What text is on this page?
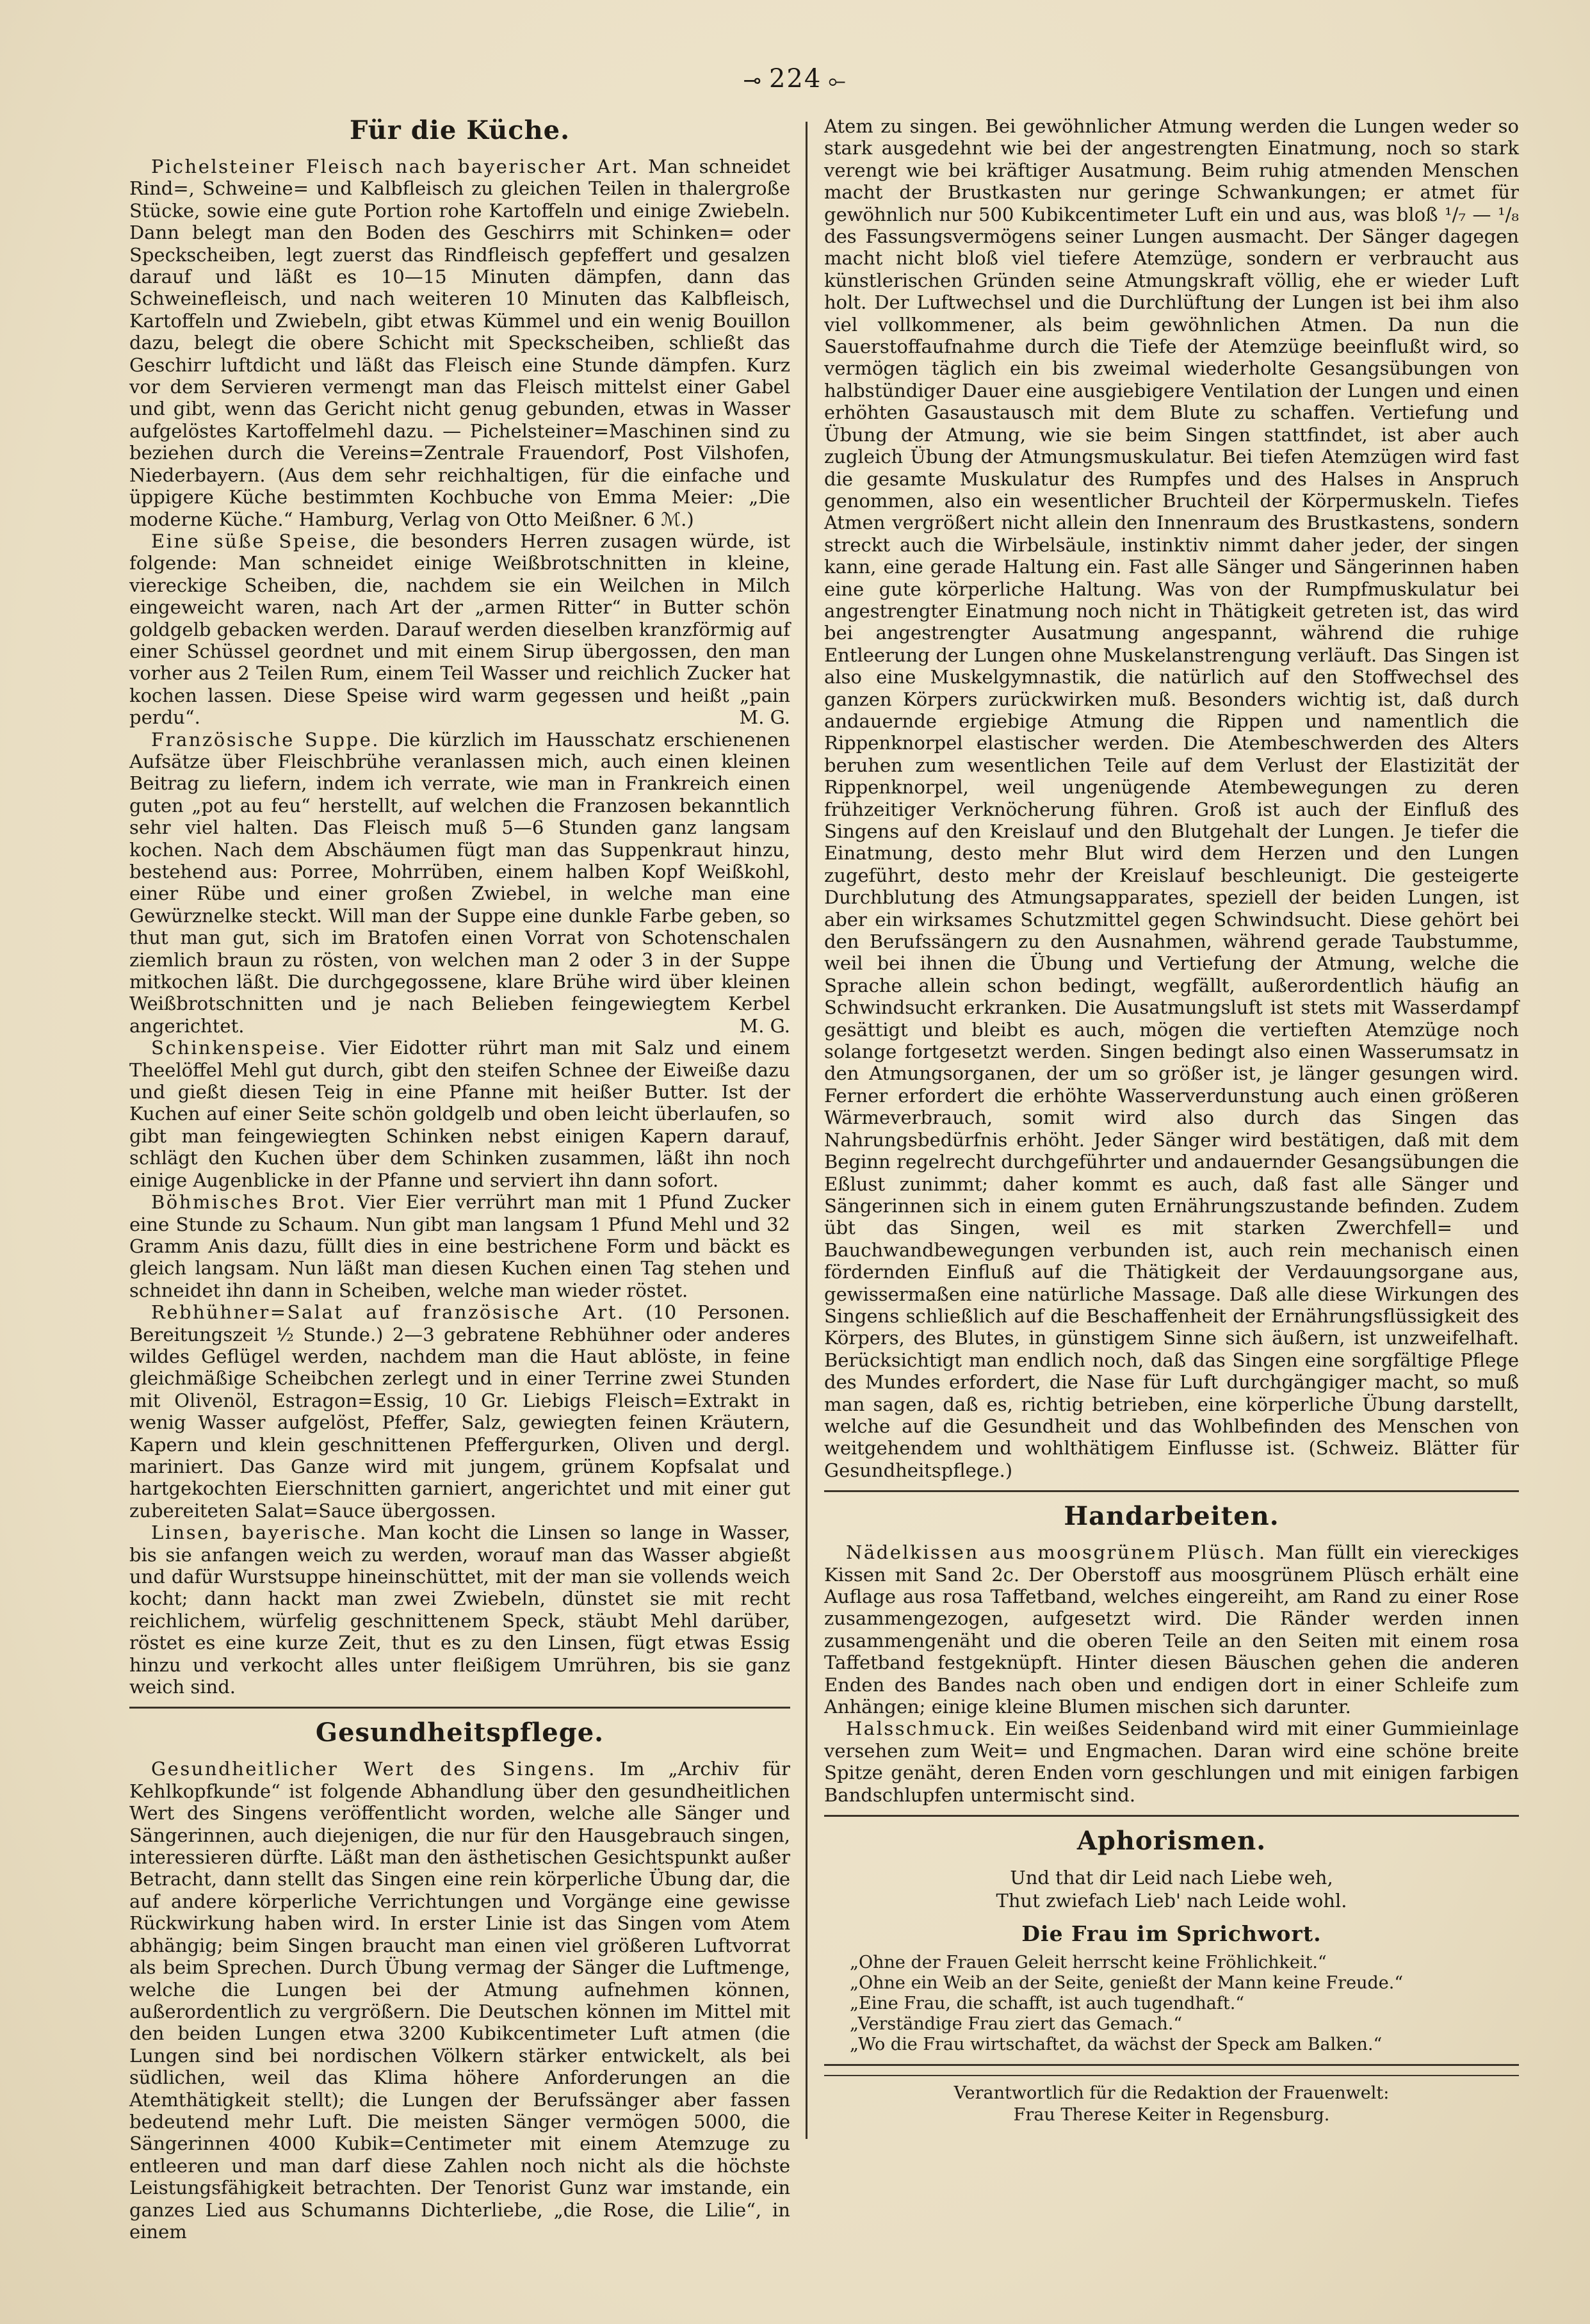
⊸ 224 ⟜
Für die Küche.

Pichelsteiner Fleisch nach bayerischer Art. Man schneidet Rind=, Schweine= und Kalbfleisch zu gleichen Teilen in thalergroße Stücke, sowie eine gute Portion rohe Kartoffeln und einige Zwiebeln. Dann belegt man den Boden des Geschirrs mit Schinken= oder Speckscheiben, legt zuerst das Rindfleisch gepfeffert und gesalzen darauf und läßt es 10—15 Minuten dämpfen, dann das Schweinefleisch, und nach weiteren 10 Minuten das Kalbfleisch, Kartoffeln und Zwiebeln, gibt etwas Kümmel und ein wenig Bouillon dazu, belegt die obere Schicht mit Speckscheiben, schließt das Geschirr luftdicht und läßt das Fleisch eine Stunde dämpfen. Kurz vor dem Servieren vermengt man das Fleisch mittelst einer Gabel und gibt, wenn das Gericht nicht genug gebunden, etwas in Wasser aufgelöstes Kartoffelmehl dazu. — Pichelsteiner=Maschinen sind zu beziehen durch die Vereins=Zentrale Frauendorf, Post Vilshofen, Niederbayern. (Aus dem sehr reichhaltigen, für die einfache und üppigere Küche bestimmten Kochbuche von Emma Meier: „Die moderne Küche.“ Hamburg, Verlag von Otto Meißner. 6 ℳ.)

Eine süße Speise, die besonders Herren zusagen würde, ist folgende: Man schneidet einige Weißbrotschnitten in kleine, viereckige Scheiben, die, nachdem sie ein Weilchen in Milch eingeweicht waren, nach Art der „armen Ritter“ in Butter schön goldgelb gebacken werden. Darauf werden dieselben kranzförmig auf einer Schüssel geordnet und mit einem Sirup übergossen, den man vorher aus 2 Teilen Rum, einem Teil Wasser und reichlich Zucker hat kochen lassen. Diese Speise wird warm gegessen und heißt „pain perdu“.	M. G.

Französische Suppe. Die kürzlich im Hausschatz erschienenen Aufsätze über Fleischbrühe veranlassen mich, auch einen kleinen Beitrag zu liefern, indem ich verrate, wie man in Frankreich einen guten „pot au feu“ herstellt, auf welchen die Franzosen bekanntlich sehr viel halten. Das Fleisch muß 5—6 Stunden ganz langsam kochen. Nach dem Abschäumen fügt man das Suppenkraut hinzu, bestehend aus: Porree, Mohrrüben, einem halben Kopf Weißkohl, einer Rübe und einer großen Zwiebel, in welche man eine Gewürznelke steckt. Will man der Suppe eine dunkle Farbe geben, so thut man gut, sich im Bratofen einen Vorrat von Schotenschalen ziemlich braun zu rösten, von welchen man 2 oder 3 in der Suppe mitkochen läßt. Die durchgegossene, klare Brühe wird über kleinen Weißbrotschnitten und je nach Belieben feingewiegtem Kerbel angerichtet.	M. G.

Schinkenspeise. Vier Eidotter rührt man mit Salz und einem Theelöffel Mehl gut durch, gibt den steifen Schnee der Eiweiße dazu und gießt diesen Teig in eine Pfanne mit heißer Butter. Ist der Kuchen auf einer Seite schön goldgelb und oben leicht überlaufen, so gibt man feingewiegten Schinken nebst einigen Kapern darauf, schlägt den Kuchen über dem Schinken zusammen, läßt ihn noch einige Augenblicke in der Pfanne und serviert ihn dann sofort.

Böhmisches Brot. Vier Eier verrührt man mit 1 Pfund Zucker eine Stunde zu Schaum. Nun gibt man langsam 1 Pfund Mehl und 32 Gramm Anis dazu, füllt dies in eine bestrichene Form und bäckt es gleich langsam. Nun läßt man diesen Kuchen einen Tag stehen und schneidet ihn dann in Scheiben, welche man wieder röstet.

Rebhühner=Salat auf französische Art. (10 Personen. Bereitungszeit ½ Stunde.) 2—3 gebratene Rebhühner oder anderes wildes Geflügel werden, nachdem man die Haut ablöste, in feine gleichmäßige Scheibchen zerlegt und in einer Terrine zwei Stunden mit Olivenöl, Estragon=Essig, 10 Gr. Liebigs Fleisch=Extrakt in wenig Wasser aufgelöst, Pfeffer, Salz, gewiegten feinen Kräutern, Kapern und klein geschnittenen Pfeffergurken, Oliven und dergl. mariniert. Das Ganze wird mit jungem, grünem Kopfsalat und hartgekochten Eierschnitten garniert, angerichtet und mit einer gut zubereiteten Salat=Sauce übergossen.

Linsen, bayerische. Man kocht die Linsen so lange in Wasser, bis sie anfangen weich zu werden, worauf man das Wasser abgießt und dafür Wurstsuppe hineinschüttet, mit der man sie vollends weich kocht; dann hackt man zwei Zwiebeln, dünstet sie mit recht reichlichem, würfelig geschnittenem Speck, stäubt Mehl darüber, röstet es eine kurze Zeit, thut es zu den Linsen, fügt etwas Essig hinzu und verkocht alles unter fleißigem Umrühren, bis sie ganz weich sind.

Gesundheitspflege.

Gesundheitlicher Wert des Singens. Im „Archiv für Kehlkopfkunde“ ist folgende Abhandlung über den gesundheitlichen Wert des Singens veröffentlicht worden, welche alle Sänger und Sängerinnen, auch diejenigen, die nur für den Hausgebrauch singen, interessieren dürfte. Läßt man den ästhetischen Gesichtspunkt außer Betracht, dann stellt das Singen eine rein körperliche Übung dar, die auf andere körperliche Verrichtungen und Vorgänge eine gewisse Rückwirkung haben wird. In erster Linie ist das Singen vom Atem abhängig; beim Singen braucht man einen viel größeren Luftvorrat als beim Sprechen. Durch Übung vermag der Sänger die Luftmenge, welche die Lungen bei der Atmung aufnehmen können, außerordentlich zu vergrößern. Die Deutschen können im Mittel mit den beiden Lungen etwa 3200 Kubikcentimeter Luft atmen (die Lungen sind bei nordischen Völkern stärker entwickelt, als bei südlichen, weil das Klima höhere Anforderungen an die Atemthätigkeit stellt); die Lungen der Berufssänger aber fassen bedeutend mehr Luft. Die meisten Sänger vermögen 5000, die Sängerinnen 4000 Kubik=Centimeter mit einem Atemzuge zu entleeren und man darf diese Zahlen noch nicht als die höchste Leistungsfähigkeit betrachten. Der Tenorist Gunz war imstande, ein ganzes Lied aus Schumanns Dichterliebe, „die Rose, die Lilie“, in einem

Atem zu singen. Bei gewöhnlicher Atmung werden die Lungen weder so stark ausgedehnt wie bei der angestrengten Einatmung, noch so stark verengt wie bei kräftiger Ausatmung. Beim ruhig atmenden Menschen macht der Brustkasten nur geringe Schwankungen; er atmet für gewöhnlich nur 500 Kubikcentimeter Luft ein und aus, was bloß ¹/₇ — ¹/₈ des Fassungsvermögens seiner Lungen ausmacht. Der Sänger dagegen macht nicht bloß viel tiefere Atemzüge, sondern er verbraucht aus künstlerischen Gründen seine Atmungskraft völlig, ehe er wieder Luft holt. Der Luftwechsel und die Durchlüftung der Lungen ist bei ihm also viel vollkommener, als beim gewöhnlichen Atmen. Da nun die Sauerstoffaufnahme durch die Tiefe der Atemzüge beeinflußt wird, so vermögen täglich ein bis zweimal wiederholte Gesangsübungen von halbstündiger Dauer eine ausgiebigere Ventilation der Lungen und einen erhöhten Gasaustausch mit dem Blute zu schaffen. Vertiefung und Übung der Atmung, wie sie beim Singen stattfindet, ist aber auch zugleich Übung der Atmungsmuskulatur. Bei tiefen Atemzügen wird fast die gesamte Muskulatur des Rumpfes und des Halses in Anspruch genommen, also ein wesentlicher Bruchteil der Körpermuskeln. Tiefes Atmen vergrößert nicht allein den Innenraum des Brustkastens, sondern streckt auch die Wirbelsäule, instinktiv nimmt daher jeder, der singen kann, eine gerade Haltung ein. Fast alle Sänger und Sängerinnen haben eine gute körperliche Haltung. Was von der Rumpfmuskulatur bei angestrengter Einatmung noch nicht in Thätigkeit getreten ist, das wird bei angestrengter Ausatmung angespannt, während die ruhige Entleerung der Lungen ohne Muskelanstrengung verläuft. Das Singen ist also eine Muskelgymnastik, die natürlich auf den Stoffwechsel des ganzen Körpers zurückwirken muß. Besonders wichtig ist, daß durch andauernde ergiebige Atmung die Rippen und namentlich die Rippenknorpel elastischer werden. Die Atembeschwerden des Alters beruhen zum wesentlichen Teile auf dem Verlust der Elastizität der Rippenknorpel, weil ungenügende Atembewegungen zu deren frühzeitiger Verknöcherung führen. Groß ist auch der Einfluß des Singens auf den Kreislauf und den Blutgehalt der Lungen. Je tiefer die Einatmung, desto mehr Blut wird dem Herzen und den Lungen zugeführt, desto mehr der Kreislauf beschleunigt. Die gesteigerte Durchblutung des Atmungsapparates, speziell der beiden Lungen, ist aber ein wirksames Schutzmittel gegen Schwindsucht. Diese gehört bei den Berufssängern zu den Ausnahmen, während gerade Taubstumme, weil bei ihnen die Übung und Vertiefung der Atmung, welche die Sprache allein schon bedingt, wegfällt, außerordentlich häufig an Schwindsucht erkranken. Die Ausatmungsluft ist stets mit Wasserdampf gesättigt und bleibt es auch, mögen die vertieften Atemzüge noch solange fortgesetzt werden. Singen bedingt also einen Wasserumsatz in den Atmungsorganen, der um so größer ist, je länger gesungen wird. Ferner erfordert die erhöhte Wasserverdunstung auch einen größeren Wärmeverbrauch, somit wird also durch das Singen das Nahrungsbedürfnis erhöht. Jeder Sänger wird bestätigen, daß mit dem Beginn regelrecht durchgeführter und andauernder Gesangsübungen die Eßlust zunimmt; daher kommt es auch, daß fast alle Sänger und Sängerinnen sich in einem guten Ernährungszustande befinden. Zudem übt das Singen, weil es mit starken Zwerchfell= und Bauchwandbewegungen verbunden ist, auch rein mechanisch einen fördernden Einfluß auf die Thätigkeit der Verdauungsorgane aus, gewissermaßen eine natürliche Massage. Daß alle diese Wirkungen des Singens schließlich auf die Beschaffenheit der Ernährungsflüssigkeit des Körpers, des Blutes, in günstigem Sinne sich äußern, ist unzweifelhaft. Berücksichtigt man endlich noch, daß das Singen eine sorgfältige Pflege des Mundes erfordert, die Nase für Luft durchgängiger macht, so muß man sagen, daß es, richtig betrieben, eine körperliche Übung darstellt, welche auf die Gesundheit und das Wohlbefinden des Menschen von weitgehendem und wohlthätigem Einflusse ist. (Schweiz. Blätter für Gesundheitspflege.)

Handarbeiten.

Nädelkissen aus moosgrünem Plüsch. Man füllt ein viereckiges Kissen mit Sand 2c. Der Oberstoff aus moosgrünem Plüsch erhält eine Auflage aus rosa Taffetband, welches eingereiht, am Rand zu einer Rose zusammengezogen, aufgesetzt wird. Die Ränder werden innen zusammengenäht und die oberen Teile an den Seiten mit einem rosa Taffetband festgeknüpft. Hinter diesen Bäuschen gehen die anderen Enden des Bandes nach oben und endigen dort in einer Schleife zum Anhängen; einige kleine Blumen mischen sich darunter.

Halsschmuck. Ein weißes Seidenband wird mit einer Gummieinlage versehen zum Weit= und Engmachen. Daran wird eine schöne breite Spitze genäht, deren Enden vorn geschlungen und mit einigen farbigen Bandschlupfen untermischt sind.

Aphorismen.
Und that dir Leid nach Liebe weh,
Thut zwiefach Lieb' nach Leide wohl.
Die Frau im Sprichwort.
„Ohne der Frauen Geleit herrscht keine Fröhlichkeit.“
„Ohne ein Weib an der Seite, genießt der Mann keine Freude.“
„Eine Frau, die schafft, ist auch tugendhaft.“
„Verständige Frau ziert das Gemach.“
„Wo die Frau wirtschaftet, da wächst der Speck am Balken.“
Verantwortlich für die Redaktion der Frauenwelt:
Frau Therese Keiter in Regensburg.
